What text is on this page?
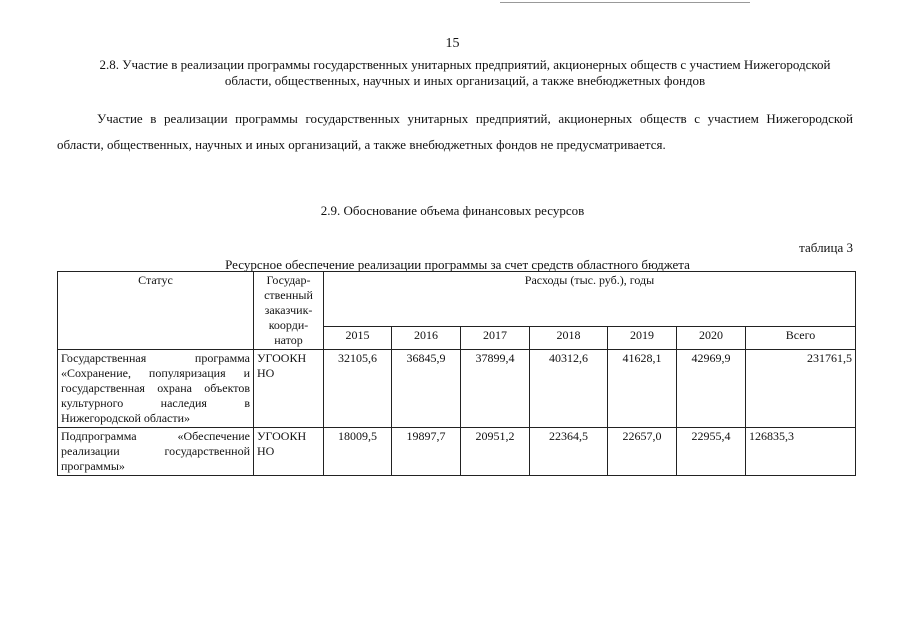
15
2.8. Участие в реализации программы государственных унитарных предприятий, акционерных обществ с участием Нижегородской области, общественных, научных и иных организаций, а также внебюджетных фондов
Участие в реализации программы государственных унитарных предприятий, акционерных обществ с участием Нижегородской области, общественных, научных и иных организаций, а также внебюджетных фондов не предусматривается.
2.9. Обоснование объема финансовых ресурсов
таблица 3
Ресурсное обеспечение реализации программы за счет средств областного бюджета
Статус	Государ-ственный заказчик-коорди-натор	Расходы (тыс. руб.), годы						
		2015	2016	2017	2018	2019	2020	Всего
Государственная программа «Сохранение, популяризация и государственная охрана объектов культурного наследия в Нижегородской области»	УГООКН НО	32105,6	36845,9	37899,4	40312,6	41628,1	42969,9	231761,5
Подпрограмма «Обеспечение реализации государственной программы»	УГООКН НО	18009,5	19897,7	20951,2	22364,5	22657,0	22955,4	126835,3
